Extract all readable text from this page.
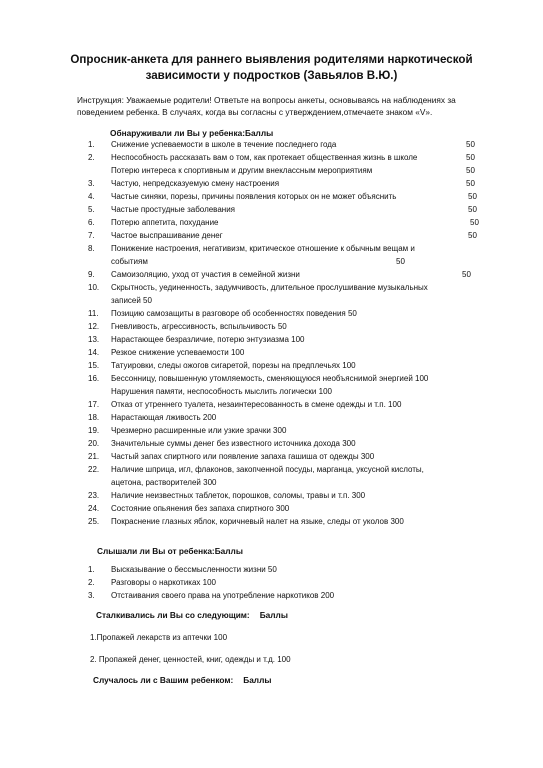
Опросник-анкета для раннего выявления родителями наркотической
зависимости у подростков (Завьялов В.Ю.)
Инструкция: Уважаемые родители! Ответьте на вопросы анкеты, основываясь на наблюдениях за
поведением ребенка. В случаях, когда вы согласны с утверждением,отмечаете знаком «V».
Обнаруживали ли Вы у ребенка:Баллы
1.	Снижение успеваемости в школе в течение последнего года	50
2.	Неспособность рассказать вам о том, как протекает общественная жизнь в школе	50
Потерю интереса к спортивным и другим внеклассным мероприятиям	50
3.	Частую, непредсказуемую смену настроения	50
4.	Частые синяки, порезы, причины появления которых он не может объяснить	50
5.	Частые простудные заболевания	50
6.	Потерю аппетита, похудание	50
7.	Частое выспрашивание денег	50
8.	Понижение настроения, негативизм, критическое отношение к обычным вещам и
событиям	50
9.	Самоизоляцию, уход от участия в семейной жизни	50
10.	Скрытность, уединенность, задумчивость, длительное прослушивание музыкальных
записей 50
11.	Позицию самозащиты в разговоре об особенностях поведения 50
12.	Гневливость, агрессивность, вспыльчивость 50
13.	Нарастающее безразличие, потерю энтузиазма 100
14.	Резкое снижение успеваемости 100
15.	Татуировки, следы ожогов сигаретой, порезы на предплечьях 100
16.	Бессонницу, повышенную утомляемость, сменяющуюся необъяснимой энергией 100
Нарушения памяти, неспособность мыслить логически 100
17.	Отказ от утреннего туалета, незаинтересованность в смене одежды и т.п. 100
18.	Нарастающая лживость 200
19.	Чрезмерно расширенные или узкие зрачки 300
20.	Значительные суммы денег без известного источника дохода 300
21.	Частый запах спиртного или появление запаха гашиша от одежды 300
22.	Наличие шприца, игл, флаконов, закопченной посуды, марганца, уксусной кислоты,
ацетона, растворителей 300
23.	Наличие неизвестных таблеток, порошков, соломы, травы и т.п. 300
24.	Состояние опьянения без запаха спиртного 300
25.	Покраснение глазных яблок, коричневый налет на языке, следы от уколов 300
Слышали ли Вы от ребенка:Баллы
1.	Высказывание о бессмысленности жизни 50
2.	Разговоры о наркотиках 100
3.	Отстаивания своего права на употребление наркотиков 200
Сталкивались ли Вы со следующим: Баллы
1.Пропажей лекарств из аптечки 100
2. Пропажей денег, ценностей, книг, одежды и т.д. 100
Случалось ли с Вашим ребенком: Баллы
